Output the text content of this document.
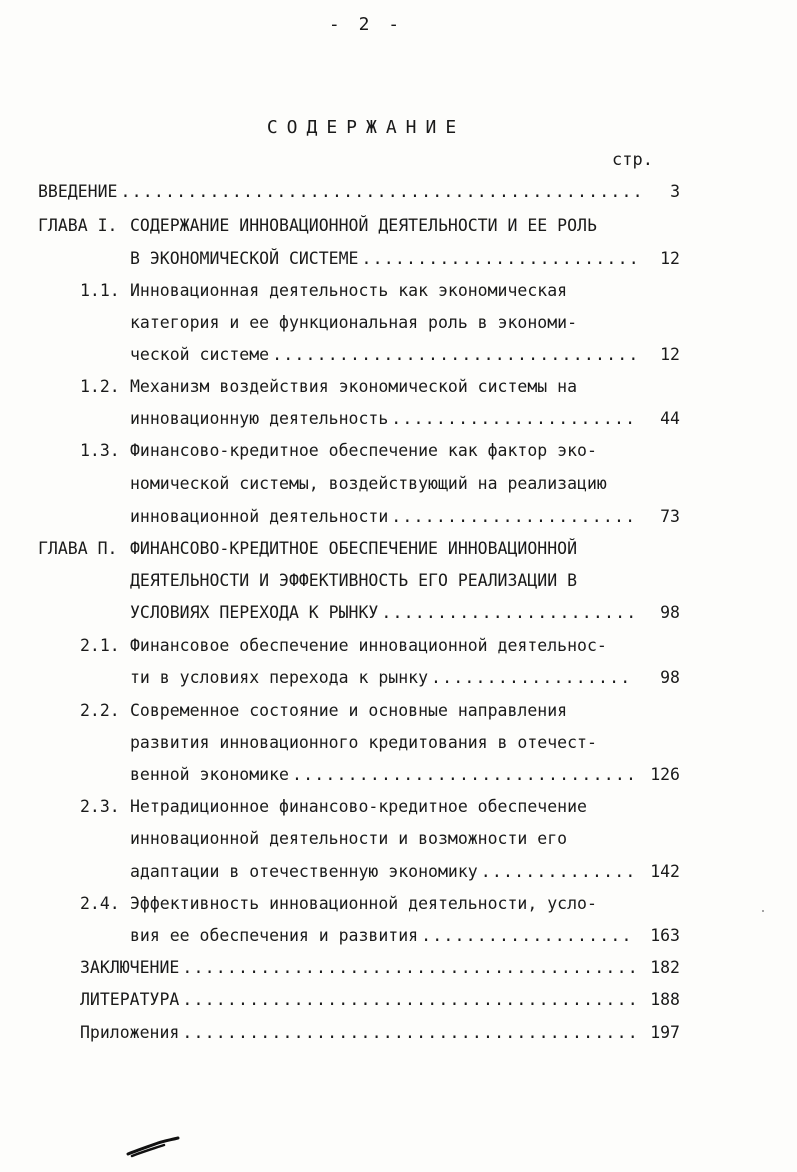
- 2 -
СОДЕРЖАНИЕ
стр.
ВВЕДЕНИЕ .....	3
ГЛАВА I. СОДЕРЖАНИЕ ИННОВАЦИОННОЙ ДЕЯТЕЛЬНОСТИ И ЕЕ РОЛЬ
В ЭКОНОМИЧЕСКОЙ СИСТЕМЕ .....	12
1.1. Инновационная деятельность как экономическая
категория и ее функциональная роль в экономи-
ческой системе .....	12
1.2. Механизм воздействия экономической системы на
инновационную деятельность .....	44
1.3. Финансово-кредитное обеспечение как фактор эко-
номической системы, воздействующий на реализацию
инновационной деятельности .....	73
ГЛАВА П. ФИНАНСОВО-КРЕДИТНОЕ ОБЕСПЕЧЕНИЕ ИННОВАЦИОННОЙ
ДЕЯТЕЛЬНОСТИ И ЭФФЕКТИВНОСТЬ ЕГО РЕАЛИЗАЦИИ В
УСЛОВИЯХ ПЕРЕХОДА К РЫНКУ .....	98
2.1. Финансовое обеспечение инновационной деятельнос-
ти в условиях перехода к рынку .....	98
2.2. Современное состояние и основные направления
развития инновационного кредитования в отечест-
венной экономике .....	126
2.3. Нетрадиционное финансово-кредитное обеспечение
инновационной деятельности и возможности его
адаптации в отечественную экономику .....	142
2.4. Эффективность инновационной деятельности, усло-
вия ее обеспечения и развития .....	163
ЗАКЛЮЧЕНИЕ .....	182
ЛИТЕРАТУРА .....	188
Приложения .....	197
